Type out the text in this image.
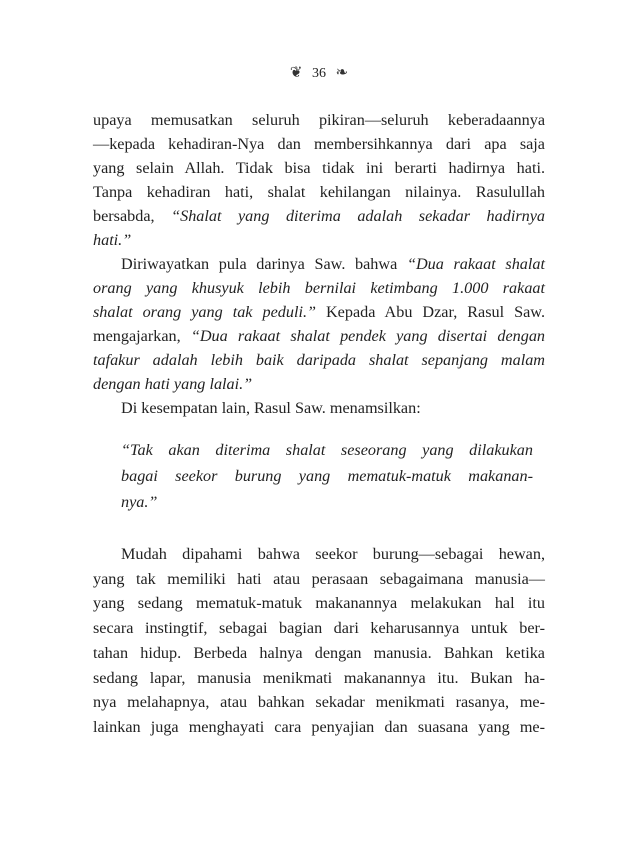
❦ 36 ❧
upaya memusatkan seluruh pikiran—seluruh keberadaannya
—kepada kehadiran-Nya dan membersihkannya dari apa saja
yang selain Allah. Tidak bisa tidak ini berarti hadirnya hati.
Tanpa kehadiran hati, shalat kehilangan nilainya. Rasulullah
bersabda, “Shalat yang diterima adalah sekadar hadirnya
hati.”
Diriwayatkan pula darinya Saw. bahwa “Dua rakaat shalat
orang yang khusyuk lebih bernilai ketimbang 1.000 rakaat
shalat orang yang tak peduli.” Kepada Abu Dzar, Rasul Saw.
mengajarkan, “Dua rakaat shalat pendek yang disertai dengan
tafakur adalah lebih baik daripada shalat sepanjang malam
dengan hati yang lalai.”
Di kesempatan lain, Rasul Saw. menamsilkan:
“Tak akan diterima shalat seseorang yang dilakukan
bagai seekor burung yang mematuk-matuk makanan-
nya.”
Mudah dipahami bahwa seekor burung—sebagai hewan,
yang tak memiliki hati atau perasaan sebagaimana manusia—
yang sedang mematuk-matuk makanannya melakukan hal itu
secara instingtif, sebagai bagian dari keharusannya untuk ber-
tahan hidup. Berbeda halnya dengan manusia. Bahkan ketika
sedang lapar, manusia menikmati makanannya itu. Bukan ha-
nya melahapnya, atau bahkan sekadar menikmati rasanya, me-
lainkan juga menghayati cara penyajian dan suasana yang me-
